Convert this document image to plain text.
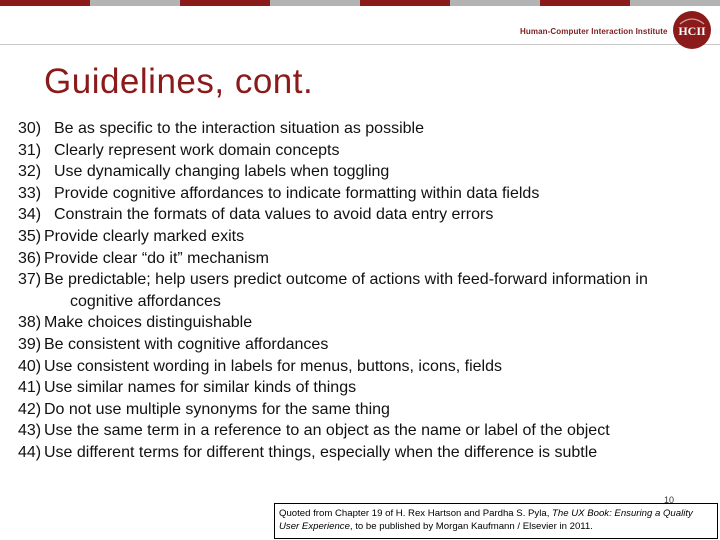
Human-Computer Interaction Institute HCII
Guidelines, cont.
30) Be as specific to the interaction situation as possible
31) Clearly represent work domain concepts
32) Use dynamically changing labels when toggling
33) Provide cognitive affordances to indicate formatting within data fields
34) Constrain the formats of data values to avoid data entry errors
35) Provide clearly marked exits
36) Provide clear “do it” mechanism
37) Be predictable; help users predict outcome of actions with feed-forward information in cognitive affordances
38) Make choices distinguishable
39) Be consistent with cognitive affordances
40) Use consistent wording in labels for menus, buttons, icons, fields
41) Use similar names for similar kinds of things
42) Do not use multiple synonyms for the same thing
43) Use the same term in a reference to an object as the name or label of the object
44) Use different terms for different things, especially when the difference is subtle
10
Quoted from Chapter 19 of H. Rex Hartson and Pardha S. Pyla, The UX Book: Ensuring a Quality User Experience, to be published by Morgan Kaufmann / Elsevier in 2011.
